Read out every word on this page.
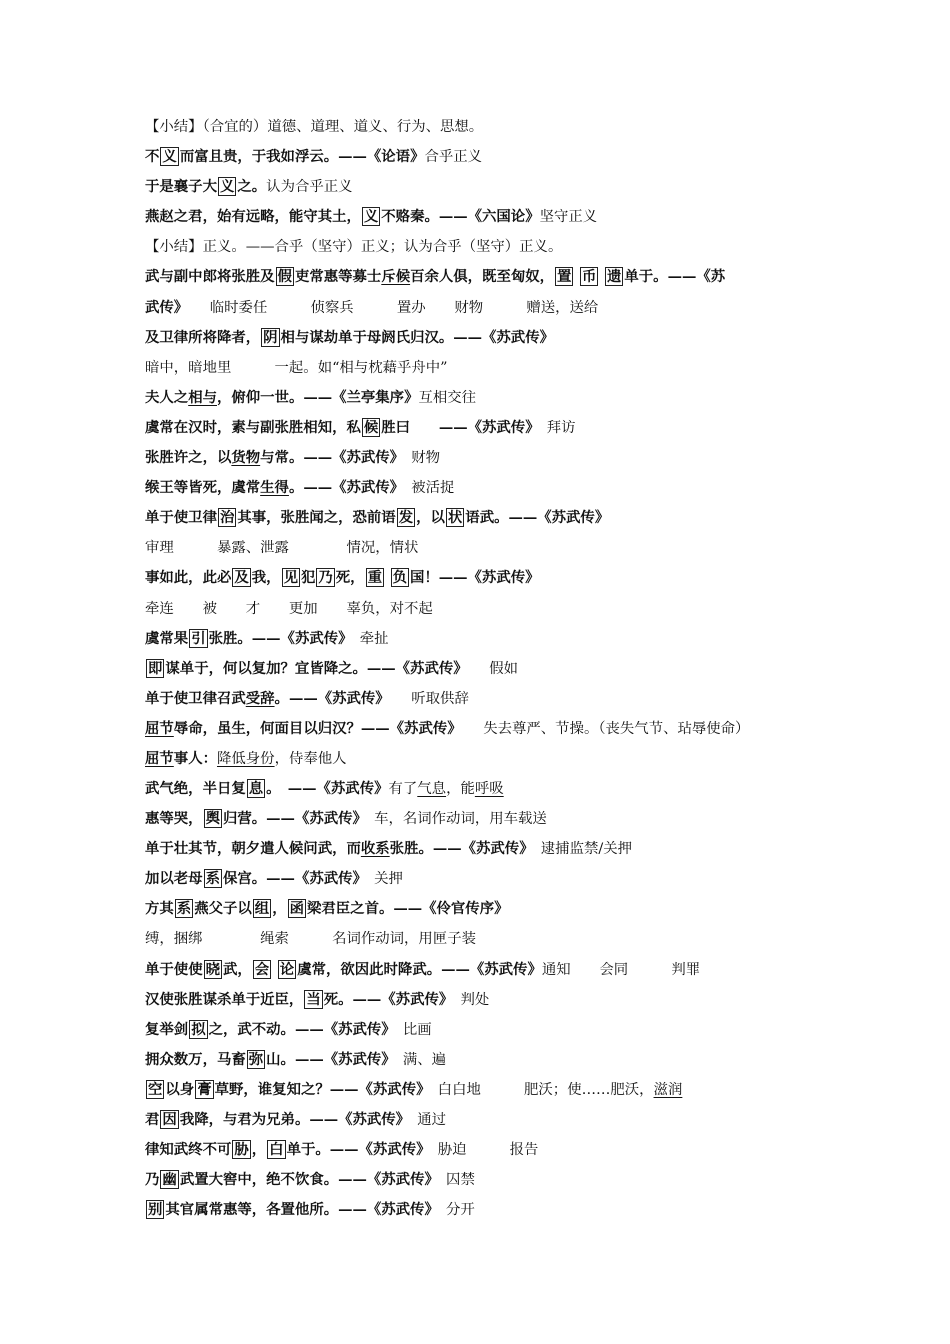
【小结】（合宜的）道德、道理、道义、行为、思想。

不 义 而富且贵，于我如浮云。——《论语》合乎正义

于是襄子大 义 之。认为合乎正义

燕赵之君，始有远略，能守其土， 义 不赂秦。——《六国论》坚守正义

【小结】正义。——合乎（坚守）正义；认为合乎（坚守）正义。

武与副中郎将张胜及 假 吏常惠等募士斥候百余人俱，既至匈奴， 置 币 遗 单于。——《苏

武传》　　临时委任　　　侦察兵　　　置办　　财物　　　赠送，送给

及卫律所将降者， 阴 相与谋劫单于母阏氏归汉。——《苏武传》

暗中，暗地里　　　一起。如“相与枕藉乎舟中”

夫人之相与，俯仰一世。——《兰亭集序》互相交往

虞常在汉时，素与副张胜相知，私 候 胜曰　　——《苏武传》　拜访

张胜许之，以货物与常。——《苏武传》　财物

缑王等皆死，虞常生得。——《苏武传》　被活捉

单于使卫律 治 其事，张胜闻之，恐前语 发 ，以 状 语武。——《苏武传》

审理　　　暴露、泄露　　　　情况，情状

事如此，此必 及 我， 见 犯 乃 死， 重 负 国！——《苏武传》

牵连　　被　　才　　更加　　辜负，对不起

虞常果 引 张胜。——《苏武传》　牵扯

即 谋单于，何以复加？宜皆降之。——《苏武传》　　假如

单于使卫律召武受辞。——《苏武传》　　听取供辞

屈节辱命，虽生，何面目以归汉？——《苏武传》　　失去尊严、节操。（丧失气节、玷辱使命）

屈节事人：降低身份，侍奉他人

武气绝，半日复 息 。　——《苏武传》有了气息，能呼吸

惠等哭， 舆 归营。——《苏武传》　车，名词作动词，用车载送

单于壮其节，朝夕遣人候问武，而收系张胜。——《苏武传》　逮捕监禁/关押

加以老母 系 保宫。——《苏武传》　关押

方其 系 燕父子以 组 ， 函 梁君臣之首。——《伶官传序》

缚，捆绑　　　　绳索　　　名词作动词，用匣子装

单于使使 晓 武， 会 论 虞常，欲因此时降武。——《苏武传》通知　　会同　　　判罪

汉使张胜谋杀单于近臣， 当 死。——《苏武传》　判处

复举剑 拟 之，武不动。——《苏武传》　比画

拥众数万，马畜 弥 山。——《苏武传》　满、遍

空 以身 膏 草野，谁复知之？——《苏武传》　白白地　　　肥沃；使……肥沃，滋润

君 因 我降，与君为兄弟。——《苏武传》　通过

律知武终不可 胁 ， 白 单于。——《苏武传》　胁迫　　　报告

乃 幽 武置大窖中，绝不饮食。——《苏武传》　囚禁

别 其官属常惠等，各置他所。——《苏武传》　分开
